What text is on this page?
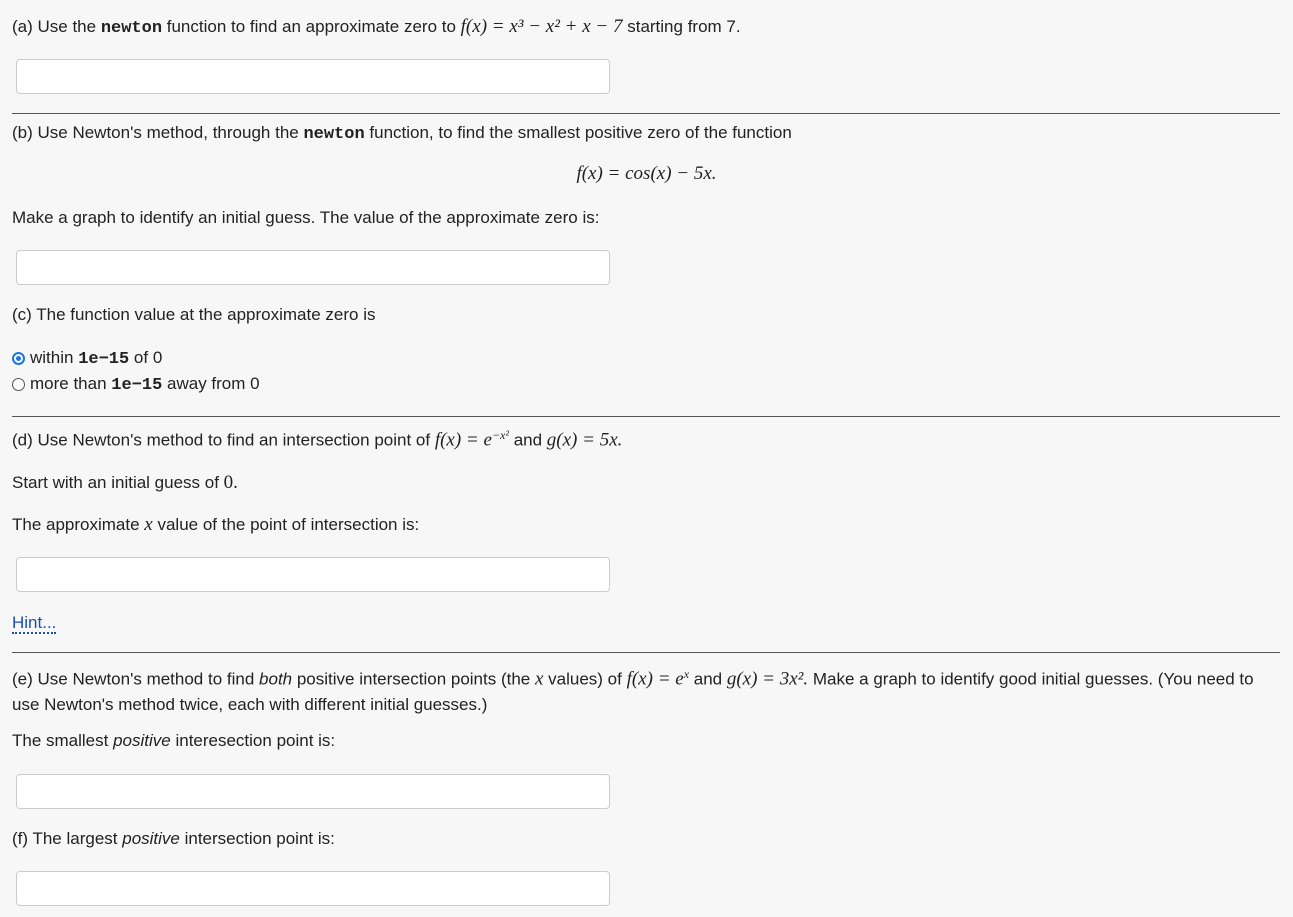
(a) Use the newton function to find an approximate zero to f(x) = x³ − x² + x − 7 starting from 7.
(b) Use Newton's method, through the newton function, to find the smallest positive zero of the function
f(x) = cos(x) − 5x.
Make a graph to identify an initial guess. The value of the approximate zero is:
(c) The function value at the approximate zero is
within 1e−15 of 0
more than 1e−15 away from 0
(d) Use Newton's method to find an intersection point of $f(x) = e^{-x^2}$ and g(x) = 5x.
Start with an initial guess of 0.
The approximate x value of the point of intersection is:
Hint...
(e) Use Newton's method to find both positive intersection points (the x values) of $f(x) = e^x$ and g(x) = 3x². Make a graph to identify good initial guesses. (You need to use Newton's method twice, each with different initial guesses.)
The smallest positive interesection point is:
(f) The largest positive intersection point is:
